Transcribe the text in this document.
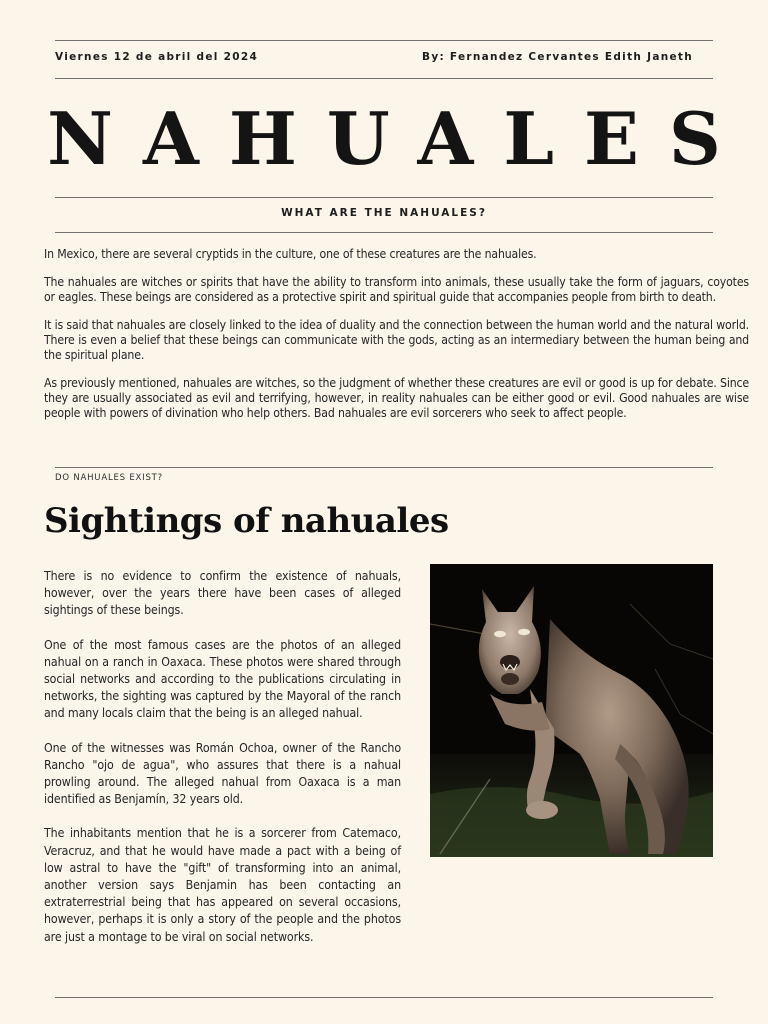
Viernes 12 de abril del 2024	By: Fernandez Cervantes Edith Janeth
NAHUALES
WHAT ARE THE NAHUALES?

In Mexico, there are several cryptids in the culture, one of these creatures are the nahuales.

The nahuales are witches or spirits that have the ability to transform into animals, these usually take the form of jaguars, coyotes or eagles. These beings are considered as a protective spirit and spiritual guide that accompanies people from birth to death.

It is said that nahuales are closely linked to the idea of duality and the connection between the human world and the natural world. There is even a belief that these beings can communicate with the gods, acting as an intermediary between the human being and the spiritual plane.

As previously mentioned, nahuales are witches, so the judgment of whether these creatures are evil or good is up for debate. Since they are usually associated as evil and terrifying, however, in reality nahuales can be either good or evil. Good nahuales are wise people with powers of divination who help others. Bad nahuales are evil sorcerers who seek to affect people.

DO NAHUALES EXIST?
Sightings of nahuales

There is no evidence to confirm the existence of nahuals, however, over the years there have been cases of alleged sightings of these beings.

One of the most famous cases are the photos of an alleged nahual on a ranch in Oaxaca. These photos were shared through social networks and according to the publications circulating in networks, the sighting was captured by the Mayoral of the ranch and many locals claim that the being is an alleged nahual.

One of the witnesses was Román Ochoa, owner of the Rancho Rancho "ojo de agua", who assures that there is a nahual prowling around. The alleged nahual from Oaxaca is a man identified as Benjamín, 32 years old.

The inhabitants mention that he is a sorcerer from Catemaco, Veracruz, and that he would have made a pact with a being of low astral to have the "gift" of transforming into an animal, another version says Benjamin has been contacting an extraterrestrial being that has appeared on several occasions, however, perhaps it is only a story of the people and the photos are just a montage to be viral on social networks.
